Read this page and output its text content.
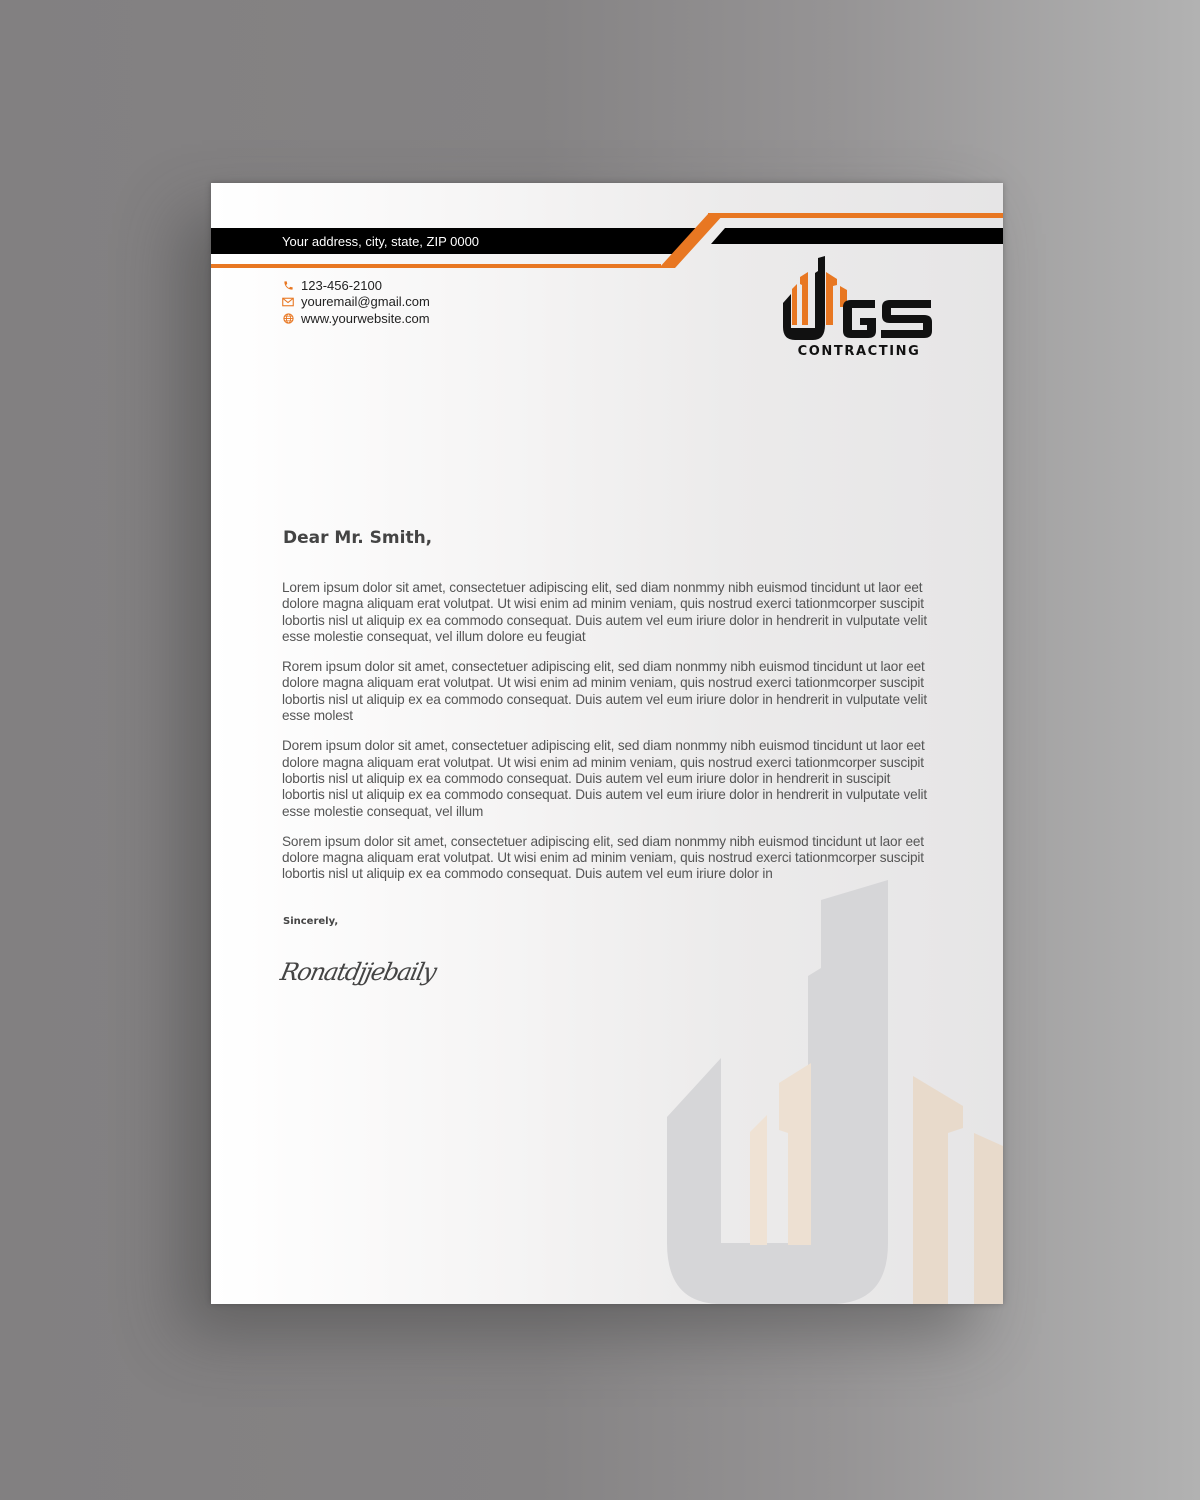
Your address, city, state, ZIP 0000
123-456-2100
youremail@gmail.com
www.yourwebsite.com
CONTRACTING
Dear Mr. Smith,

Lorem ipsum dolor sit amet, consectetuer adipiscing elit, sed diam nonmmy nibh euismod tincidunt ut laor eet dolore magna aliquam erat volutpat. Ut wisi enim ad minim veniam, quis nostrud exerci tationmcorper suscipit lobortis nisl ut aliquip ex ea commodo consequat. Duis autem vel eum iriure dolor in hendrerit in vulputate velit esse molestie consequat, vel illum dolore eu feugiat

Rorem ipsum dolor sit amet, consectetuer adipiscing elit, sed diam nonmmy nibh euismod tincidunt ut laor eet dolore magna aliquam erat volutpat. Ut wisi enim ad minim veniam, quis nostrud exerci tationmcorper suscipit lobortis nisl ut aliquip ex ea commodo consequat. Duis autem vel eum iriure dolor in hendrerit in vulputate velit esse molest

Dorem ipsum dolor sit amet, consectetuer adipiscing elit, sed diam nonmmy nibh euismod tincidunt ut laor eet dolore magna aliquam erat volutpat. Ut wisi enim ad minim veniam, quis nostrud exerci tationmcorper suscipit lobortis nisl ut aliquip ex ea commodo consequat. Duis autem vel eum iriure dolor in hendrerit in suscipit lobortis nisl ut aliquip ex ea commodo consequat. Duis autem vel eum iriure dolor in hendrerit in vulputate velit esse molestie consequat, vel illum

Sorem ipsum dolor sit amet, consectetuer adipiscing elit, sed diam nonmmy nibh euismod tincidunt ut laor eet dolore magna aliquam erat volutpat. Ut wisi enim ad minim veniam, quis nostrud exerci tationmcorper suscipit lobortis nisl ut aliquip ex ea commodo consequat. Duis autem vel eum iriure dolor in

Sincerely,
Ronatdjjebaily
